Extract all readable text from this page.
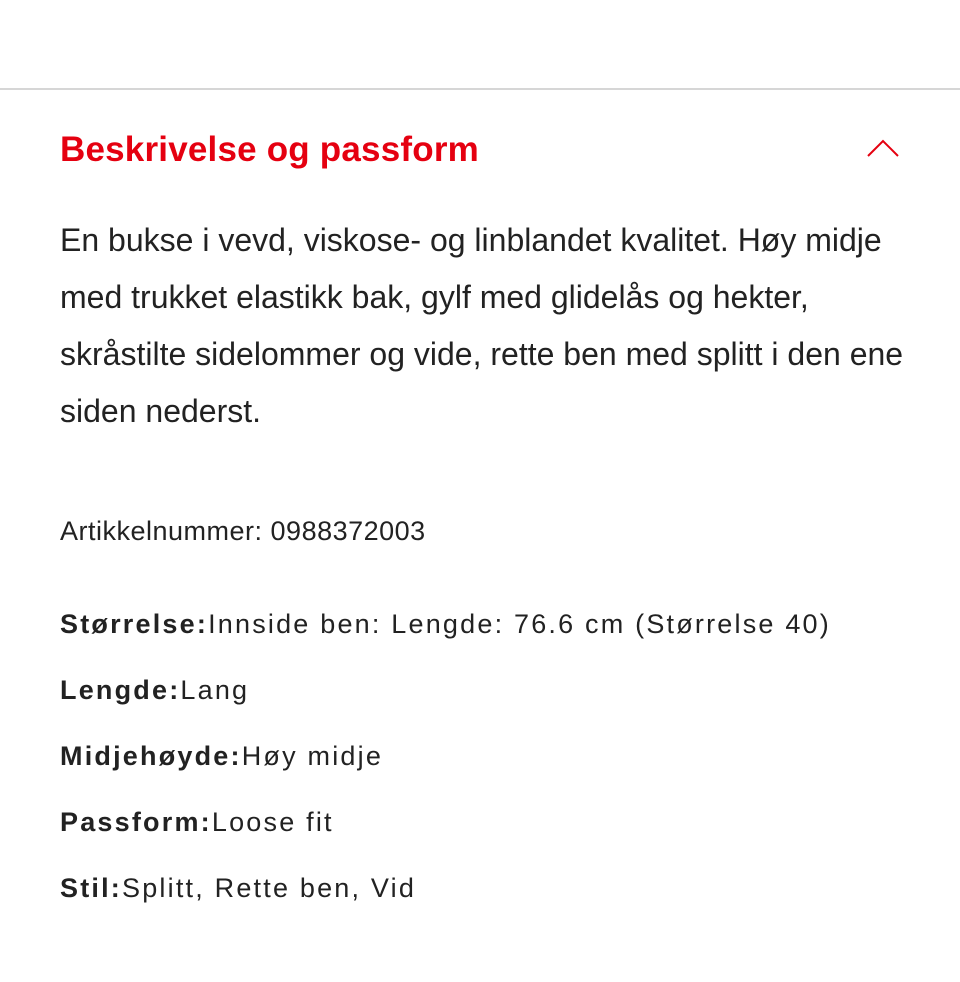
Beskrivelse og passform
En bukse i vevd, viskose- og linblandet kvalitet. Høy midje med trukket elastikk bak, gylf med glidelås og hekter, skråstilte sidelommer og vide, rette ben med splitt i den ene siden nederst.
Artikkelnummer: 0988372003
Størrelse:Innside ben: Lengde: 76.6 cm (Størrelse 40)
Lengde:Lang
Midjehøyde:Høy midje
Passform:Loose fit
Stil:Splitt, Rette ben, Vid
